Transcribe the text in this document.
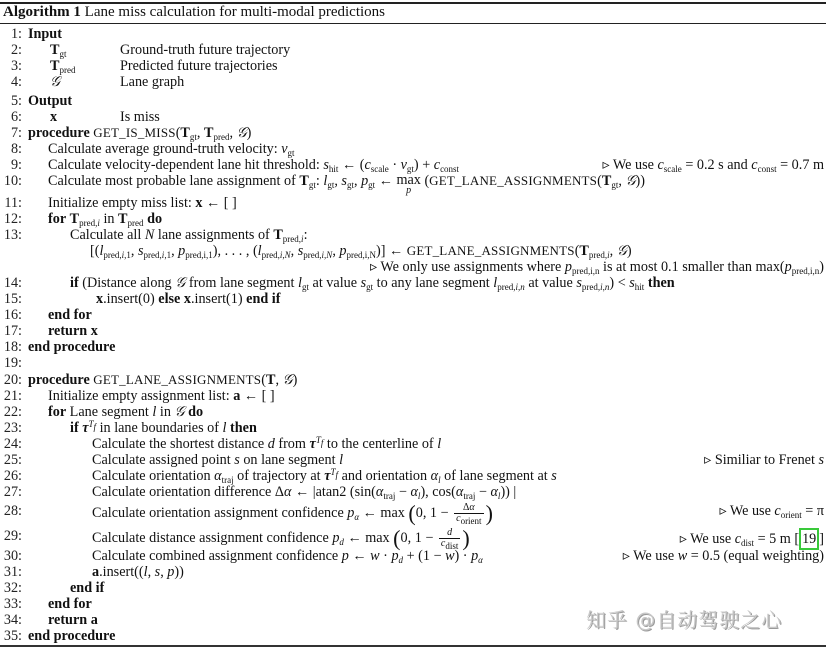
Algorithm 1 Lane miss calculation for multi-modal predictions
1: Input
2: $T_{gt}$	Ground-truth future trajectory
3: $T_{pred}$	Predicted future trajectories
4: 𝒢	Lane graph
5: Output
6: x	Is miss
7: procedure $GET\_IS\_MISS(T_{gt}$, $T_{pred}$, 𝒢)
8: Calculate average ground-truth velocity: $v_{gt}$
9: Calculate velocity-dependent lane hit threshold: $s_{hit}$ ← $(c_{scale} \cdot v_{gt}) + c_{const}$	▹ We use $c_{scale} = 0.2$ s and $c_{const} = 0.7$ m
10: Calculate most probable lane assignment of $T_{gt}$: $l_{gt}$, $s_{gt}$, $p_{gt}$ ← max
p
($GET\_LANE\_ASSIGNMENTS(T_{gt}$, 𝒢))
11: Initialize empty miss list: x ← [ ]
12: for $T_{pred,i}$ in $T_{pred}$ do
13:	Calculate all N lane assignments of $T_{pred,i}$:
[($l_{pred,i,1}$, $s_{pred,i,1}$, $p_{pred,i,1}$), . . . , ($l_{pred,i,N}$, $s_{pred,i,N}$, $p_{pred,i,N}$)] ← $GET\_LANE\_ASSIGNMENTS(T_{pred,i}$, 𝒢)
▹ We only use assignments where $p_{pred,i,n}$ is at most 0.1 smaller than $\max(p_{pred,i,n})$
14:	if (Distance along 𝒢 from lane segment $l_{gt}$ at value $s_{gt}$ to any lane segment $l_{pred,i,n}$ at value $s_{pred,i,n}) < s_{hit}$ then
15:	x.insert(0) else x.insert(1) end if
16: end for
17: return x
18: end procedure
19:
20: procedure GET_LANE_ASSIGNMENTS(T, 𝒢)
21: Initialize empty assignment list: a ← [ ]
22: for Lane segment l in 𝒢 do
23:	if $\tau^{T_f}$ in lane boundaries of l then
24:	Calculate the shortest distance d from $\tau^{T_f}$ to the centerline of l
25:	Calculate assigned point s on lane segment l	▹ Similiar to Frenet s
26:	Calculate orientation $\alpha_{traj}$ of trajectory at $\tau^{T_f}$ and orientation $\alpha_l$ of lane segment at s
27:	Calculate orientation difference Δα ← |atan2 ($\sin(\alpha_{traj} - \alpha_l)$, $\cos(\alpha_{traj} - \alpha_l)$) |
28:	Calculate orientation assignment confidence $p_\alpha$ ← max (0, $1 - \frac{\Delta\alpha}{c_{orient}}$ )	▹ We use $c_{orient} = \pi$
29:	Calculate distance assignment confidence $p_d$ ← max (0, $1 - \frac{d}{c_{dist}}$ )	▹ We use $c_{dist} = 5$ m [ 19 ]
30:	Calculate combined assignment confidence p ← $w \cdot p_d + (1 - w) \cdot p_\alpha$	▹ We use w = 0.5 (equal weighting)
31:	a.insert((l, s, p))
32:	end if
33: end for
34: return a
35: end procedure
知乎 @自动驾驶之心
